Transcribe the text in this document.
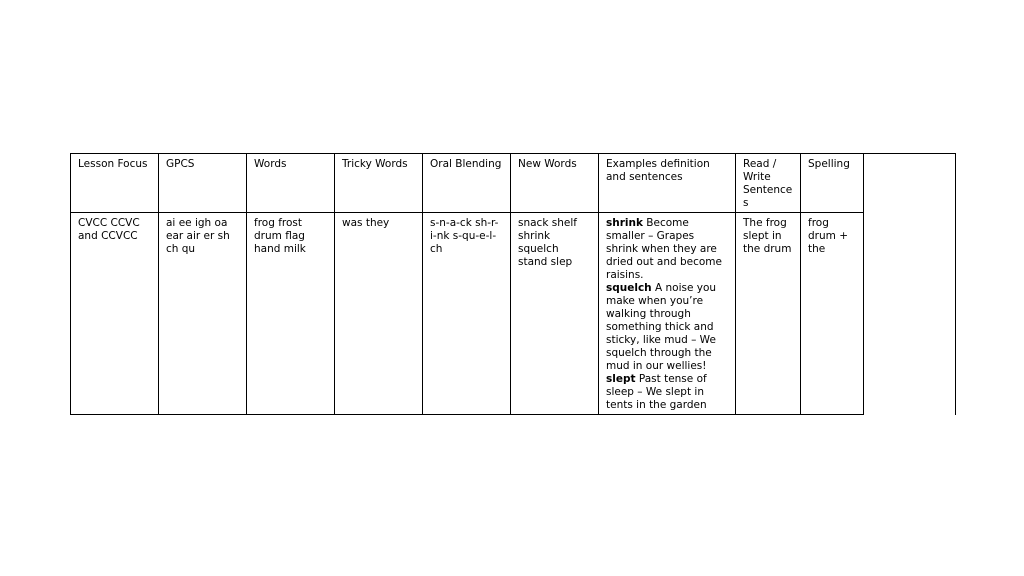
Lesson Focus	GPCS	Words	Tricky Words	Oral Blending	New Words	Examples definition and sentences	Read / Write Sentences	Spelling	
CVCC CCVC and CCVCC	ai ee igh oa ear air er sh ch qu	frog frost drum flag hand milk	was they	s-n-a-ck sh-r-i-nk s-qu-e-l-ch	snack shelf shrink squelch stand slep	shrink Become smaller – Grapes shrink when they are dried out and become raisins.
squelch A noise you make when you’re walking through something thick and sticky, like mud – We squelch through the mud in our wellies!
slept Past tense of sleep – We slept in tents in the garden	The frog slept in the drum	frog drum + the	
